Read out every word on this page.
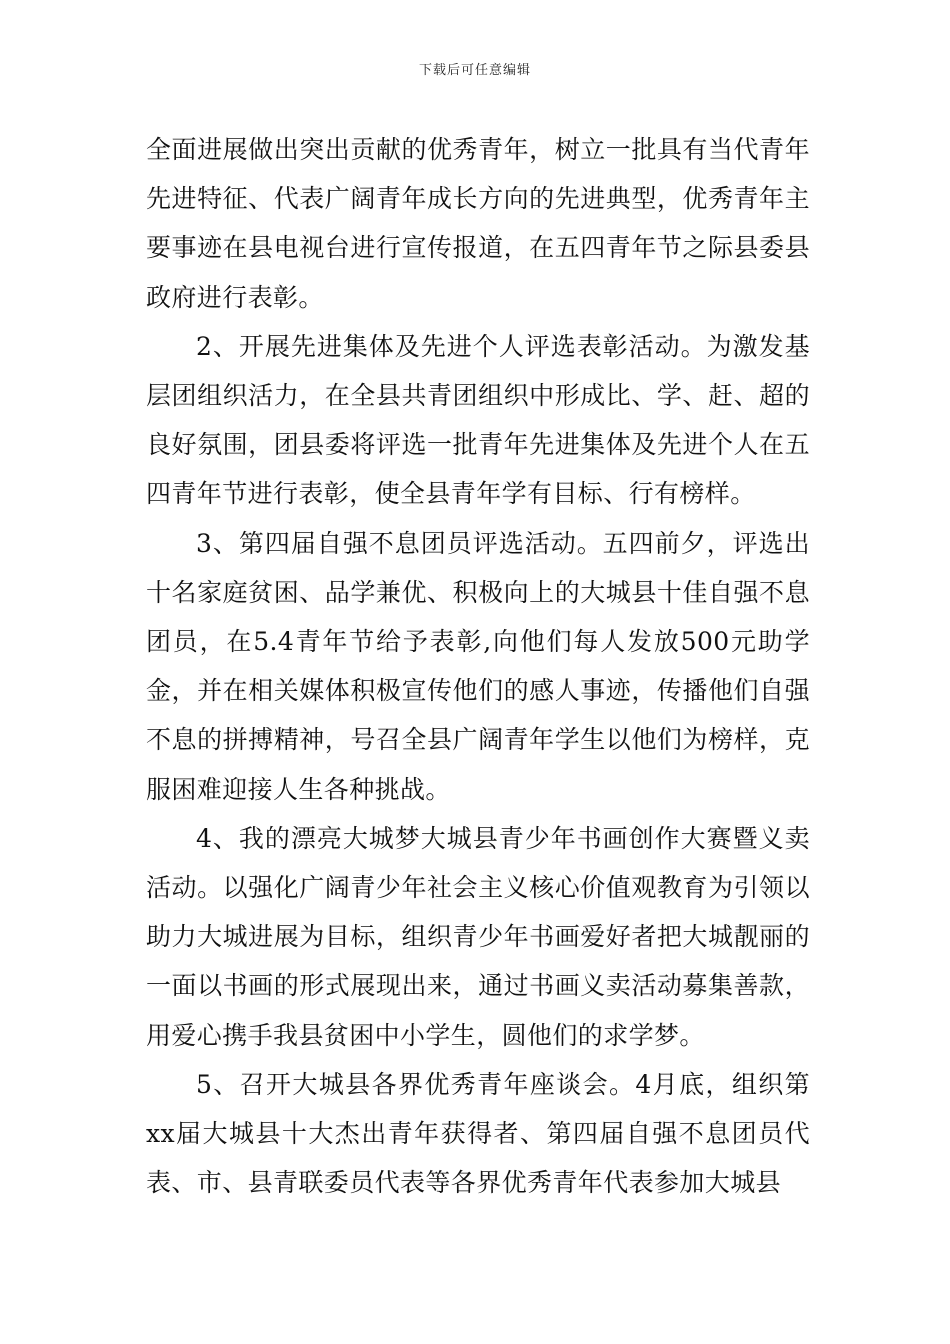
下载后可任意编辑

全面进展做出突出贡献的优秀青年，树立一批具有当代青年先进特征、代表广阔青年成长方向的先进典型，优秀青年主要事迹在县电视台进行宣传报道，在五四青年节之际县委县政府进行表彰。

2、开展先进集体及先进个人评选表彰活动。为激发基层团组织活力，在全县共青团组织中形成比、学、赶、超的良好氛围，团县委将评选一批青年先进集体及先进个人在五四青年节进行表彰，使全县青年学有目标、行有榜样。

3、第四届自强不息团员评选活动。五四前夕，评选出十名家庭贫困、品学兼优、积极向上的大城县十佳自强不息团员，在5.4青年节给予表彰,向他们每人发放500元助学金，并在相关媒体积极宣传他们的感人事迹，传播他们自强不息的拼搏精神，号召全县广阔青年学生以他们为榜样，克服困难迎接人生各种挑战。

4、我的漂亮大城梦大城县青少年书画创作大赛暨义卖活动。以强化广阔青少年社会主义核心价值观教育为引领以助力大城进展为目标，组织青少年书画爱好者把大城靓丽的一面以书画的形式展现出来，通过书画义卖活动募集善款，用爱心携手我县贫困中小学生，圆他们的求学梦。

5、召开大城县各界优秀青年座谈会。4月底，组织第xx届大城县十大杰出青年获得者、第四届自强不息团员代表、市、县青联委员代表等各界优秀青年代表参加大城县
